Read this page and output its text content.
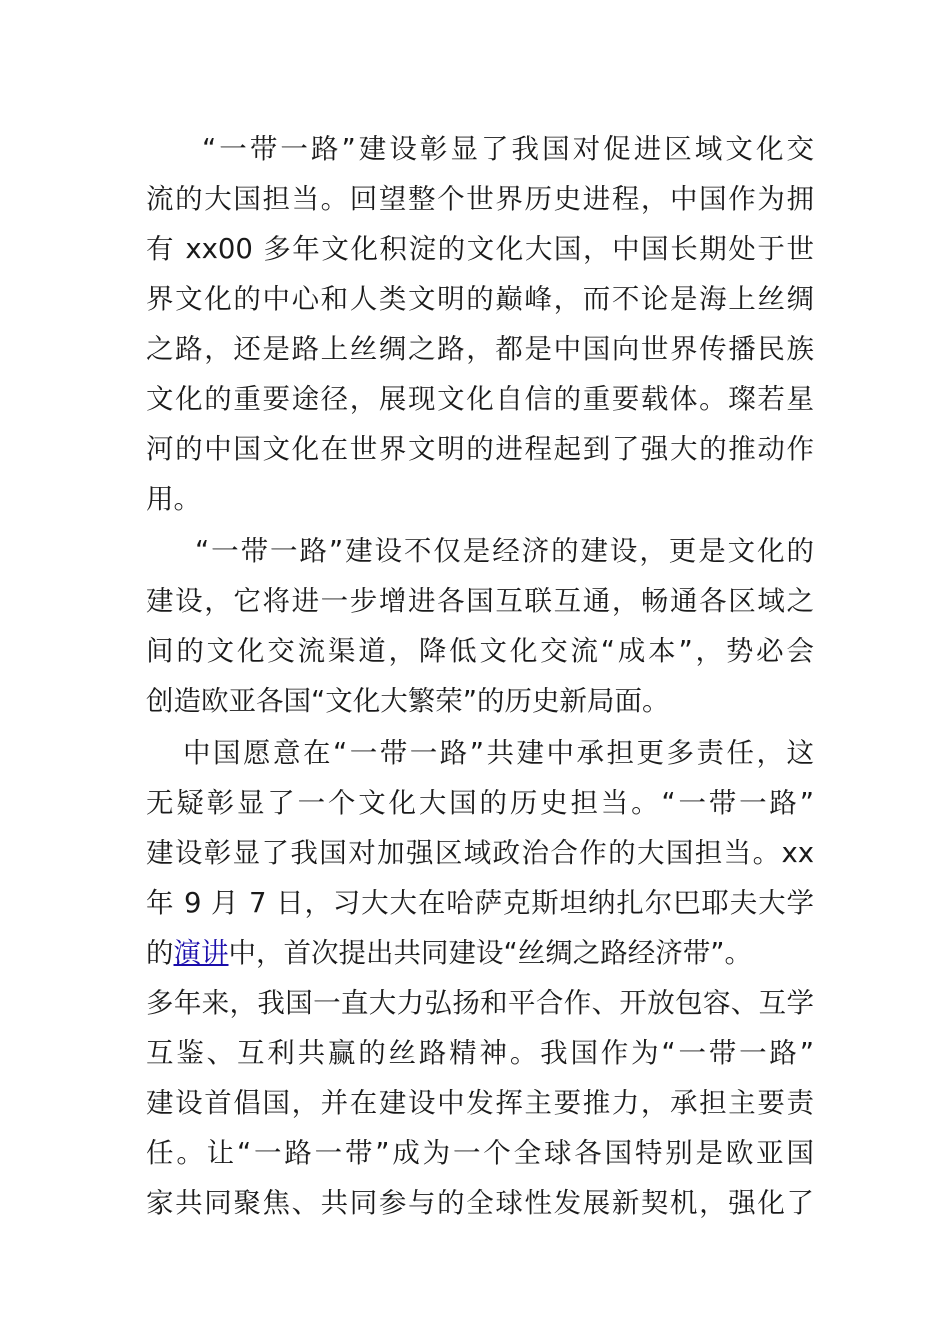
“一带一路”建设彰显了我国对促进区域文化交
流的大国担当。回望整个世界历史进程，中国作为拥
有 xx00 多年文化积淀的文化大国，中国长期处于世
界文化的中心和人类文明的巅峰，而不论是海上丝绸
之路，还是路上丝绸之路，都是中国向世界传播民族
文化的重要途径，展现文化自信的重要载体。璨若星
河的中国文化在世界文明的进程起到了强大的推动作
用。
“一带一路”建设不仅是经济的建设，更是文化的
建设，它将进一步增进各国互联互通，畅通各区域之
间的文化交流渠道，降低文化交流“成本”，势必会
创造欧亚各国“文化大繁荣”的历史新局面。
中国愿意在“一带一路”共建中承担更多责任，这
无疑彰显了一个文化大国的历史担当。“一带一路”
建设彰显了我国对加强区域政治合作的大国担当。xx
年 9 月 7 日，习大大在哈萨克斯坦纳扎尔巴耶夫大学
的演讲中，首次提出共同建设“丝绸之路经济带”。
多年来，我国一直大力弘扬和平合作、开放包容、互学
互鉴、互利共赢的丝路精神。我国作为“一带一路”
建设首倡国，并在建设中发挥主要推力，承担主要责
任。让“一路一带”成为一个全球各国特别是欧亚国
家共同聚焦、共同参与的全球性发展新契机，强化了
